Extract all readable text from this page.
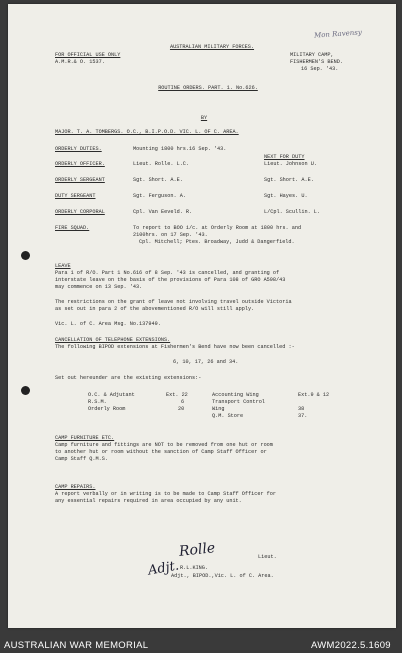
Mon Ravensy
AUSTRALIAN MILITARY FORCES.
FOR OFFICIAL USE ONLY
A.M.R.& O. 1537.
MILITARY CAMP,
FISHERMEN'S BEND.
16 Sep. '43.
ROUTINE ORDERS. PART. 1. No.626.
BY
MAJOR. T. A. TOMBERGS. O.C., B.I.P.O.D. VIC. L. OF C. AREA.
NEXT FOR DUTY
ORDERLY DUTIES.	Mounting 1800 hrs.16 Sep. '43.
ORDERLY OFFICER.	Lieut. Rolle. L.C.	Lieut. Johnson U.
ORDERLY SERGEANT	Sgt. Short. A.E.	Sgt. Short. A.E.
DUTY SERGEANT	Sgt. Ferguson. A.	Sgt. Hayes. U.
ORDERLY CORPORAL	Cpl. Van Eeveld. R.	L/Cpl. Scullin. L.
FIRE SQUAD.	To report to BOO i/c. at Orderly Room at 1800 hrs. and
2100hrs. on 17 Sep. '43.
Cpl. Mitchell; Ptes. Broadway, Judd & Dangerfield.
LEAVE
Para 1 of R/O. Part 1 No.616 of 8 Sep. '43 is cancelled, and granting of
interstate leave on the basis of the provisions of Para 108 of GRO A598/43
may commence on 13 Sep. '43.
The restrictions on the grant of leave not involving travel outside Victoria
as set out in para 2 of the abovementioned R/O will still apply.
Vic. L. of C. Area Msg. No.137949.
CANCELLATION OF TELEPHONE EXTENSIONS.
The following BIPOD extensions at Fishermen's Bend have now been cancelled :-
6, 10, 17, 26 and 34.
Set out hereunder are the existing extensions:-
O.C. & Adjutant	Ext. 22
R.S.M.	6
Orderly Room	20
Accounting Wing	Ext.9 & 12
Transport Control
Wing	38
Q.M. Store	37.
CAMP FURNITURE ETC.
Camp furniture and fittings are NOT to be removed from one hut or room
to another hut or room without the sanction of Camp Staff Officer or
Camp Staff Q.M.S.
CAMP REPAIRS.
A report verbally or in writing is to be made to Camp Staff Officer for
any essential repairs required in area occupied by any unit.
Rolle
Adjt.
Lieut.
R.L.KING.
Adjt., BIPOD.,Vic. L. of C. Area.
AUSTRALIAN WAR MEMORIAL	AWM2022.5.1609
